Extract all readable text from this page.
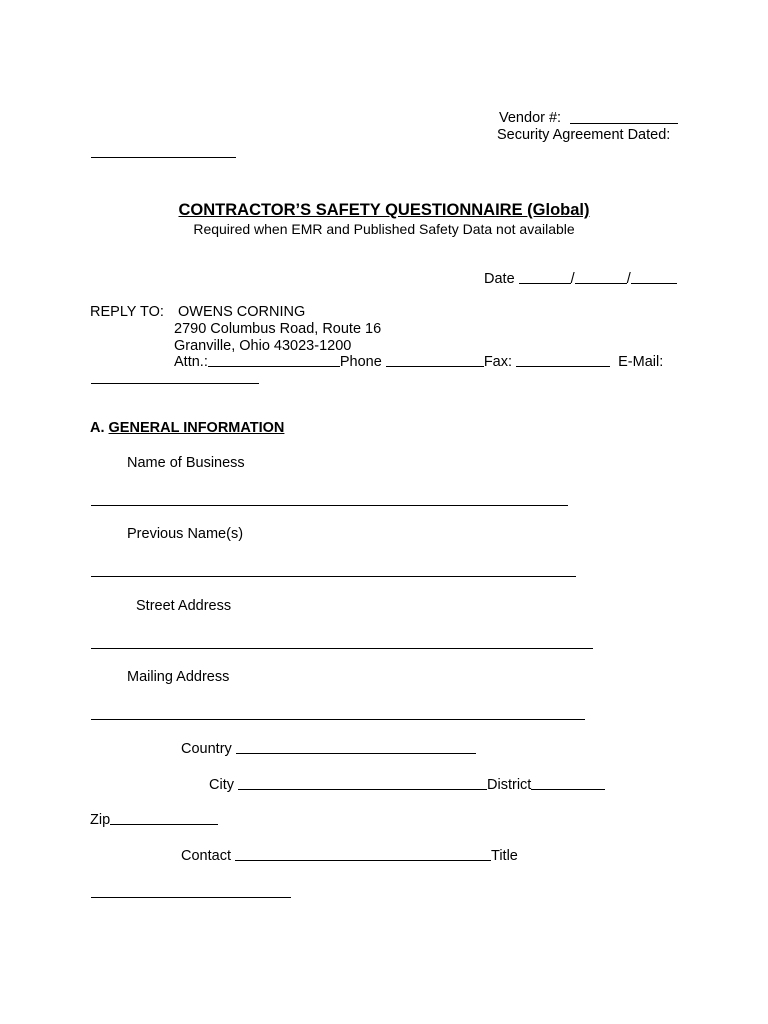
Vendor #:
Security Agreement Dated:
CONTRACTOR’S SAFETY QUESTIONNAIRE (Global)
Required when EMR and Published Safety Data not available
Date	/	/
REPLY TO: OWENS CORNING
2790 Columbus Road, Route 16
Granville, Ohio 43023-1200
Attn.:	Phone	Fax:	E-Mail:
A. GENERAL INFORMATION
Name of Business
Previous Name(s)
Street Address
Mailing Address
Country
City	District
Zip
Contact	Title
